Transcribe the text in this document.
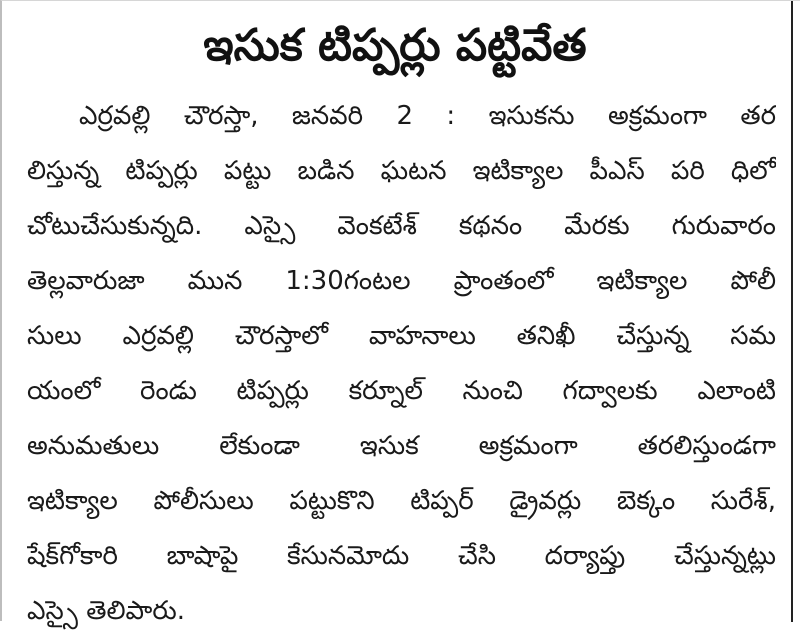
ఇసుక టిప్పర్లు పట్టివేత
ఎర్రవల్లి చౌరస్తా, జనవరి 2 : ఇసుకను అక్రమంగా తర
లిస్తున్న టిప్పర్లు పట్టు బడిన ఘటన ఇటిక్యాల పీఎస్ పరి ధిలో
చోటుచేసుకున్నది. ఎస్సై వెంకటేశ్ కథనం మేరకు గురువారం
తెల్లవారుజా మున 1:30గంటల ప్రాంతంలో ఇటిక్యాల పోలీ
సులు ఎర్రవల్లి చౌరస్తాలో వాహనాలు తనిఖీ చేస్తున్న సమ
యంలో రెండు టిప్పర్లు కర్నూల్ నుంచి గద్వాలకు ఎలాంటి
అనుమతులు లేకుండా ఇసుక అక్రమంగా తరలిస్తుండగా
ఇటిక్యాల పోలీసులు పట్టుకొని టిప్పర్ డ్రైవర్లు బెక్కం సురేశ్,
షేక్‌గోకారి బాషాపై కేసునమోదు చేసి దర్యాప్తు చేస్తున్నట్లు
ఎస్సై తెలిపారు.
